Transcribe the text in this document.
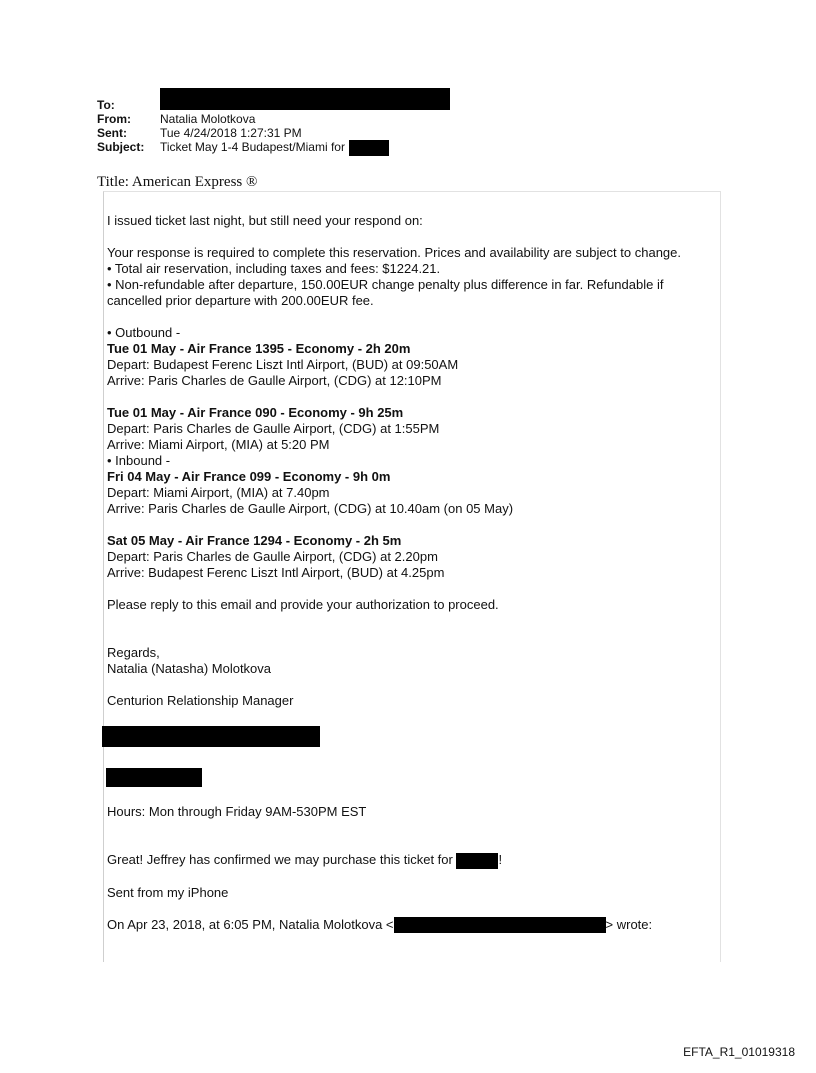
To:
From:	Natalia Molotkova
Sent:	Tue 4/24/2018 1:27:31 PM
Subject:	Ticket May 1-4 Budapest/Miami for
Title: American Express ®

I issued ticket last night, but still need your respond on:

Your response is required to complete this reservation. Prices and availability are subject to change.

• Total air reservation, including taxes and fees: $1224.21.

• Non-refundable after departure, 150.00EUR change penalty plus difference in far. Refundable if cancelled prior departure with 200.00EUR fee.

• Outbound -

Tue 01 May - Air France 1395 - Economy - 2h 20m

Depart: Budapest Ferenc Liszt Intl Airport, (BUD) at 09:50AM

Arrive: Paris Charles de Gaulle Airport, (CDG) at 12:10PM

Tue 01 May - Air France 090 - Economy - 9h 25m

Depart: Paris Charles de Gaulle Airport, (CDG) at 1:55PM

Arrive: Miami Airport, (MIA) at 5:20 PM

• Inbound -

Fri 04 May - Air France 099 - Economy - 9h 0m

Depart: Miami Airport, (MIA) at 7.40pm

Arrive: Paris Charles de Gaulle Airport, (CDG) at 10.40am (on 05 May)

Sat 05 May - Air France 1294 - Economy - 2h 5m

Depart: Paris Charles de Gaulle Airport, (CDG) at 2.20pm

Arrive: Budapest Ferenc Liszt Intl Airport, (BUD) at 4.25pm

Please reply to this email and provide your authorization to proceed.

Regards,

Natalia (Natasha) Molotkova

Centurion Relationship Manager

Hours: Mon through Friday 9AM-530PM EST

Great! Jeffrey has confirmed we may purchase this ticket for	!

Sent from my iPhone

On Apr 23, 2018, at 6:05 PM, Natalia Molotkova <	> wrote:

EFTA_R1_01019318
